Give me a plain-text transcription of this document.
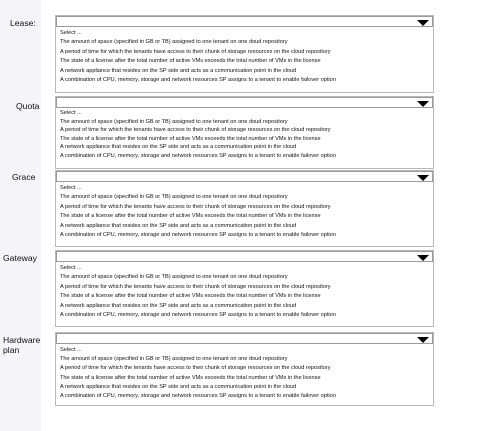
Lease:
Select ...
The amount of space (specified in GB or TB) assigned to one tenant on one doud repository
A period of time for which the tenants have access to their chunk of storage resources on the cloud repository
The state of a license after the total number of active VMs exceeds the total number of VMs in the license
A network appliance that resides on the SP side and acts as a communication point in the cloud
A combination of CPU, memory, storage and network resources SP assigns to a tenant to enable failover option
Quota
Select ...
The amount of space (specified in GB or TB) assigned to one tenant on one doud repository
A period of time for which the tenants have access to their chunk of storage resources on the cloud repository
The state of a license after the total number of active VMs exceeds the total number of VMs in the license
A network appliance that resides on the SP side and acts as a communication point in the cloud
A combination of CPU, memory, storage and network resources SP assigns to a tenant to enable failover option
Grace
Select ...
The amount of space (specified in GB or TB) assigned to one tenant on one doud repository
A period of time for which the tenants have access to their chunk of storage resources on the cloud repository
The state of a license after the total number of active VMs exceeds the total number of VMs in the license
A network appliance that resides on the SP side and acts as a communication point in the cloud
A combination of CPU, memory, storage and network resources SP assigns to a tenant to enable failover option
Gateway
Select ...
The amount of space (specified in GB or TB) assigned to one tenant on one doud repository
A period of time for which the tenants have access to their chunk of storage resources on the cloud repository
The state of a license after the total number of active VMs exceeds the total number of VMs in the license
A network appliance that resides on the SP side and acts as a communication point in the cloud
A combination of CPU, memory, storage and network resources SP assigns to a tenant to enable failover option
Hardware
plan	Select ...
The amount of space (specified in GB or TB) assigned to one tenant on one doud repository
A period of time for which the tenants have access to their chunk of storage resources on the cloud repository
The state of a license after the total number of active VMs exceeds the total number of VMs in the license
A network appliance that resides on the SP side and acts as a communication point in the cloud
A combination of CPU, memory, storage and network resources SP assigns to a tenant to enable failover option
